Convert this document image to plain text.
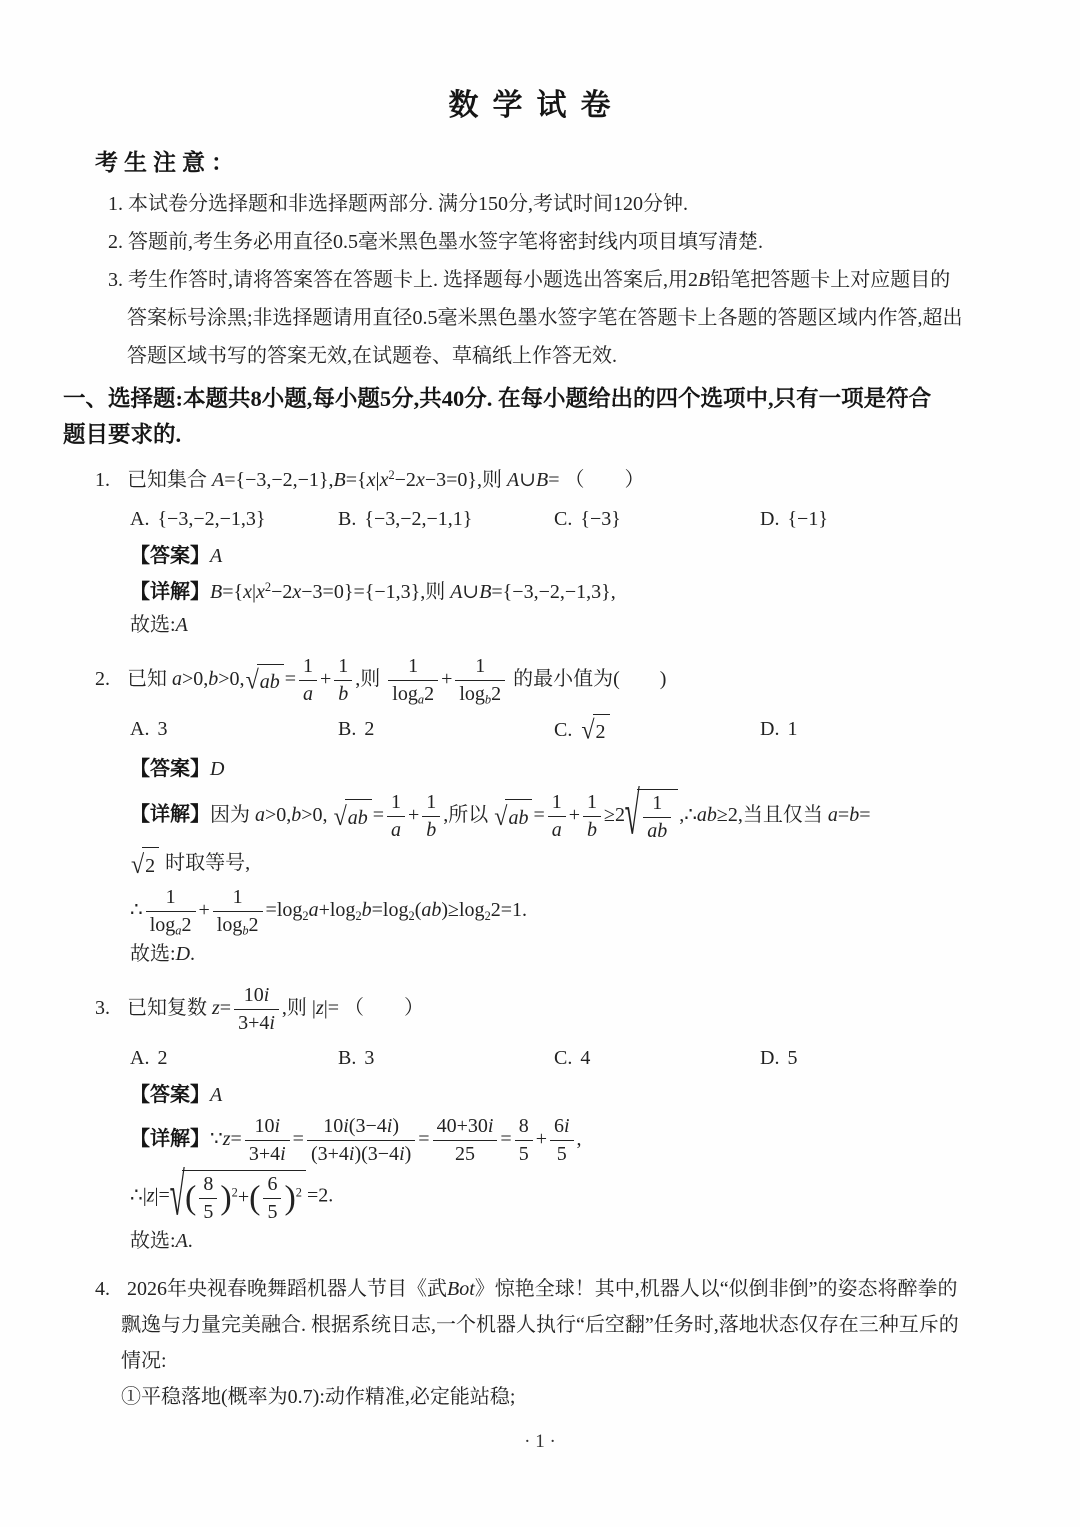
数学试卷
考生注意：
1. 本试卷分选择题和非选择题两部分. 满分150分,考试时间120分钟.
2. 答题前,考生务必用直径0.5毫米黑色墨水签字笔将密封线内项目填写清楚.
3. 考生作答时,请将答案答在答题卡上. 选择题每小题选出答案后,用2B铅笔把答题卡上对应题目的
答案标号涂黑;非选择题请用直径0.5毫米黑色墨水签字笔在答题卡上各题的答题区域内作答,超出
答题区域书写的答案无效,在试题卷、草稿纸上作答无效.
一、选择题:本题共8小题,每小题5分,共40分. 在每小题给出的四个选项中,只有一项是符合
题目要求的.
1. 已知集合 $A=\{-3,-2,-1\},B=\{x|x^2-2x-3=0\}$,则 A∪B= （　　）
A. {−3,−2,−1,3}	B. {−3,−2,−1,1}	C. {−3}	D. {−1}
【答案】A
【详解】$B=\{x|x^2-2x-3=0\}=\{-1,3\}$,则 A∪B={−3,−2,−1,3},
故选:A
2. 已知 a>0,b>0, √ ab = $\frac{1}{a} + \frac{1}{b}$ ,则 $\frac{1}{\log_a2} + \frac{1}{\log_b2}$ 的最小值为(　　)
A. 3	B. 2	C. √ 2	D. 1
【答案】D
【详解】因为 a>0,b>0, √ ab = $\frac{1}{a} + \frac{1}{b}$ ,所以 √ ab = $\frac{1}{a} + \frac{1}{b} \ge 2$ √ $\frac{1}{ab}$ ,∴ab≥2,当且仅当 a=b=
√ 2 时取等号,
∴ $\frac{1}{\log_a2} + \frac{1}{\log_b2} =\log_2a+\log_2b=\log_2(ab)\ge\log_22=1$.
故选:D.
3. 已知复数 $z= \frac{10i}{3+4i}$ ,则 |z|= （　　）
A. 2	B. 3	C. 4	D. 5
【答案】A
【详解】∵z= $\frac{10i}{3+4i} = \frac{10i(3-4i)}{(3+4i)(3-4i)} = \frac{40+30i}{25} = \frac{8}{5} + \frac{6i}{5}$ ,
∴|z|= √ ( $\frac{8}{5} )^2+( \frac{6}{5} )^2 =2$.
故选:A.
4. 2026年央视春晚舞蹈机器人节目《武Bot》惊艳全球！其中,机器人以“似倒非倒”的姿态将醉拳的
飘逸与力量完美融合. 根据系统日志,一个机器人执行“后空翻”任务时,落地状态仅存在三种互斥的
情况:
①平稳落地(概率为0.7):动作精准,必定能站稳;
· 1 ·
